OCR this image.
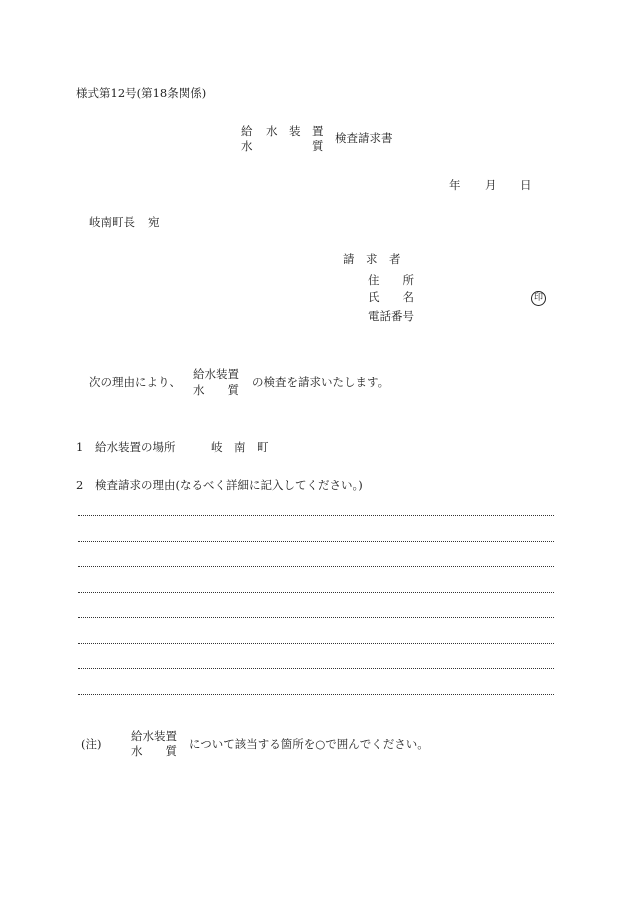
様式第12号(第18条関係)
給 水 装 置
水	質
検査請求書
年 月 日
岐南町長 宛
請　求　者
住　　所
氏　　名	印
電話番号
次の理由により、
給水装置
水　　質
の検査を請求いたします。
1 給水装置の場所	岐　南　町
2 検査請求の理由(なるべく詳細に記入してください。)
(注)
給水装置
水　　質 について該当する箇所を○で囲んでください。
